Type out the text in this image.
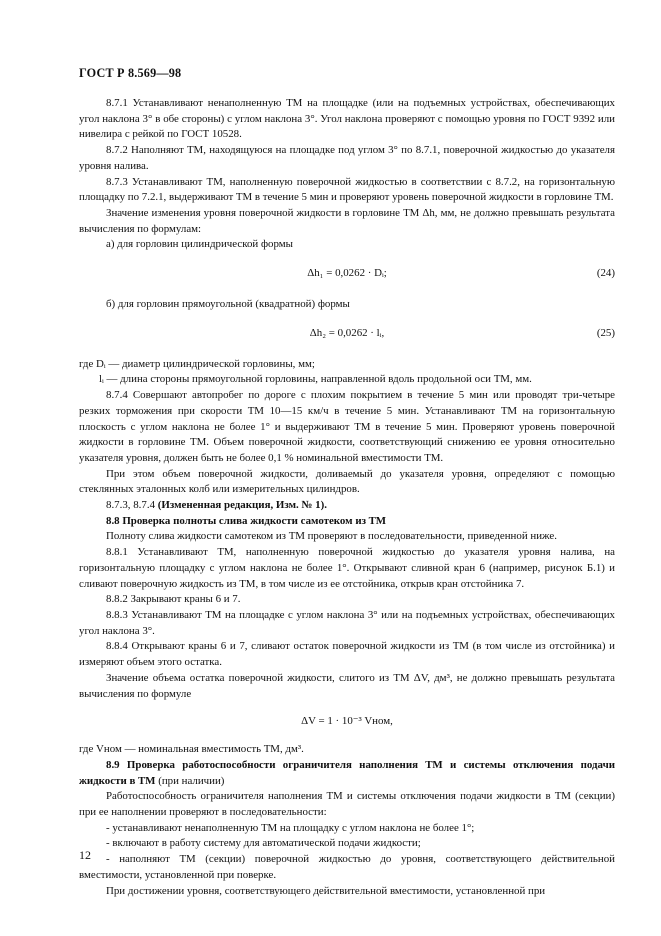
ГОСТ Р 8.569—98

8.7.1 Устанавливают ненаполненную ТМ на площадке (или на подъемных устройствах, обеспечивающих угол наклона 3° в обе стороны) с углом наклона 3°. Угол наклона проверяют с помощью уровня по ГОСТ 9392 или нивелира с рейкой по ГОСТ 10528.

8.7.2 Наполняют ТМ, находящуюся на площадке под углом 3° по 8.7.1, поверочной жидкостью до указателя уровня налива.

8.7.3 Устанавливают ТМ, наполненную поверочной жидкостью в соответствии с 8.7.2, на горизонтальную площадку по 7.2.1, выдерживают ТМ в течение 5 мин и проверяют уровень поверочной жидкости в горловине ТМ.

Значение изменения уровня поверочной жидкости в горловине ТМ Δh, мм, не должно превышать результата вычисления по формулам:

а) для горловин цилиндрической формы

Δh₁ = 0,0262 · Dᵢ;	(24)

б) для горловин прямоугольной (квадратной) формы

Δh₂ = 0,0262 · lᵢ,	(25)

где Dᵢ — диаметр цилиндрической горловины, мм;

lᵢ — длина стороны прямоугольной горловины, направленной вдоль продольной оси ТМ, мм.

8.7.4 Совершают автопробег по дороге с плохим покрытием в течение 5 мин или проводят три-четыре резких торможения при скорости ТМ 10—15 км/ч в течение 5 мин. Устанавливают ТМ на горизонтальную плоскость с углом наклона не более 1° и выдерживают ТМ в течение 5 мин. Проверяют уровень поверочной жидкости в горловине ТМ. Объем поверочной жидкости, соответствующий снижению ее уровня относительно указателя уровня, должен быть не более 0,1 % номинальной вместимости ТМ.

При этом объем поверочной жидкости, доливаемый до указателя уровня, определяют с помощью стеклянных эталонных колб или измерительных цилиндров.

8.7.3, 8.7.4 (Измененная редакция, Изм. № 1).

8.8 Проверка полноты слива жидкости самотеком из ТМ

Полноту слива жидкости самотеком из ТМ проверяют в последовательности, приведенной ниже.

8.8.1 Устанавливают ТМ, наполненную поверочной жидкостью до указателя уровня налива, на горизонтальную площадку с углом наклона не более 1°. Открывают сливной кран 6 (например, рисунок Б.1) и сливают поверочную жидкость из ТМ, в том числе из ее отстойника, открыв кран отстойника 7.

8.8.2 Закрывают краны 6 и 7.

8.8.3 Устанавливают ТМ на площадке с углом наклона 3° или на подъемных устройствах, обеспечивающих угол наклона 3°.

8.8.4 Открывают краны 6 и 7, сливают остаток поверочной жидкости из ТМ (в том числе из отстойника) и измеряют объем этого остатка.

Значение объема остатка поверочной жидкости, слитого из ТМ ΔV, дм³, не должно превышать результата вычисления по формуле

ΔV = 1 · 10⁻³ Vном,

где Vном — номинальная вместимость ТМ, дм³.

8.9 Проверка работоспособности ограничителя наполнения ТМ и системы отключения подачи жидкости в ТМ (при наличии)

Работоспособность ограничителя наполнения ТМ и системы отключения подачи жидкости в ТМ (секции) при ее наполнении проверяют в последовательности:

- устанавливают ненаполненную ТМ на площадку с углом наклона не более 1°;

- включают в работу систему для автоматической подачи жидкости;

- наполняют ТМ (секции) поверочной жидкостью до уровня, соответствующего действительной вместимости, установленной при поверке.

При достижении уровня, соответствующего действительной вместимости, установленной при

12
